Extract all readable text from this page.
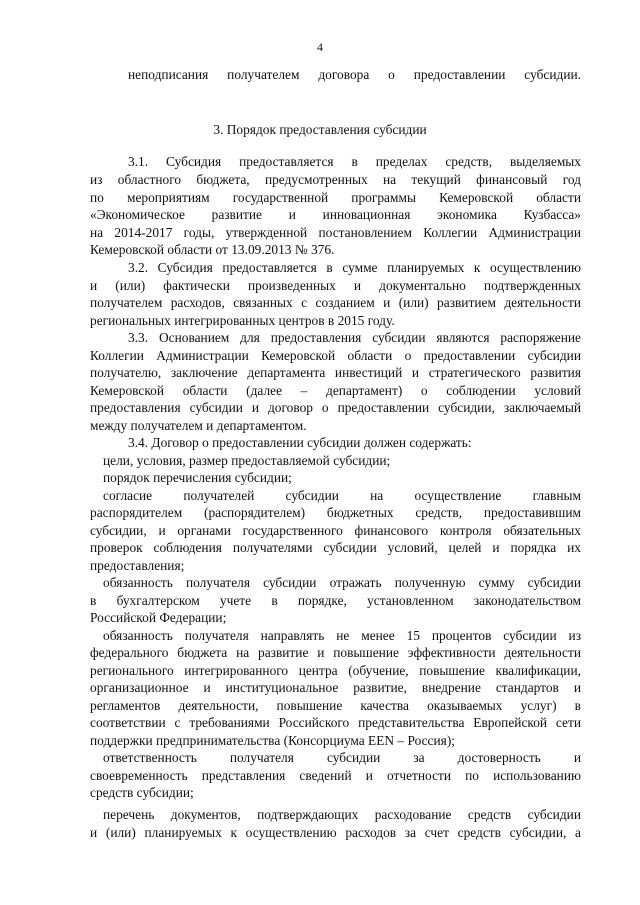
4
неподписания получателем договора о предоставлении субсидии.
3. Порядок предоставления субсидии
3.1. Субсидия предоставляется в пределах средств, выделяемых
из областного бюджета, предусмотренных на текущий финансовый год
по мероприятиям государственной программы Кемеровской области
«Экономическое развитие и инновационная экономика Кузбасса»
на 2014-2017 годы, утвержденной постановлением Коллегии Администрации
Кемеровской области от 13.09.2013 № 376.
3.2. Субсидия предоставляется в сумме планируемых к осуществлению
и (или) фактически произведенных и документально подтвержденных
получателем расходов, связанных с созданием и (или) развитием деятельности
региональных интегрированных центров в 2015 году.
3.3. Основанием для предоставления субсидии являются распоряжение
Коллегии Администрации Кемеровской области о предоставлении субсидии
получателю, заключение департамента инвестиций и стратегического развития
Кемеровской области (далее – департамент) о соблюдении условий
предоставления субсидии и договор о предоставлении субсидии, заключаемый
между получателем и департаментом.
3.4. Договор о предоставлении субсидии должен содержать:
цели, условия, размер предоставляемой субсидии;
порядок перечисления субсидии;
согласие получателей субсидии на осуществление главным
распорядителем (распорядителем) бюджетных средств, предоставившим
субсидии, и органами государственного финансового контроля обязательных
проверок соблюдения получателями субсидии условий, целей и порядка их
предоставления;
обязанность получателя субсидии отражать полученную сумму субсидии
в бухгалтерском учете в порядке, установленном законодательством
Российской Федерации;
обязанность получателя направлять не менее 15 процентов субсидии из
федерального бюджета на развитие и повышение эффективности деятельности
регионального интегрированного центра (обучение, повышение квалификации,
организационное и институциональное развитие, внедрение стандартов и
регламентов деятельности, повышение качества оказываемых услуг) в
соответствии с требованиями Российского представительства Европейской сети
поддержки предпринимательства (Консорциума EEN – Россия);
ответственность получателя субсидии за достоверность и
своевременность представления сведений и отчетности по использованию
средств субсидии;
перечень документов, подтверждающих расходование средств субсидии
и (или) планируемых к осуществлению расходов за счет средств субсидии, а
